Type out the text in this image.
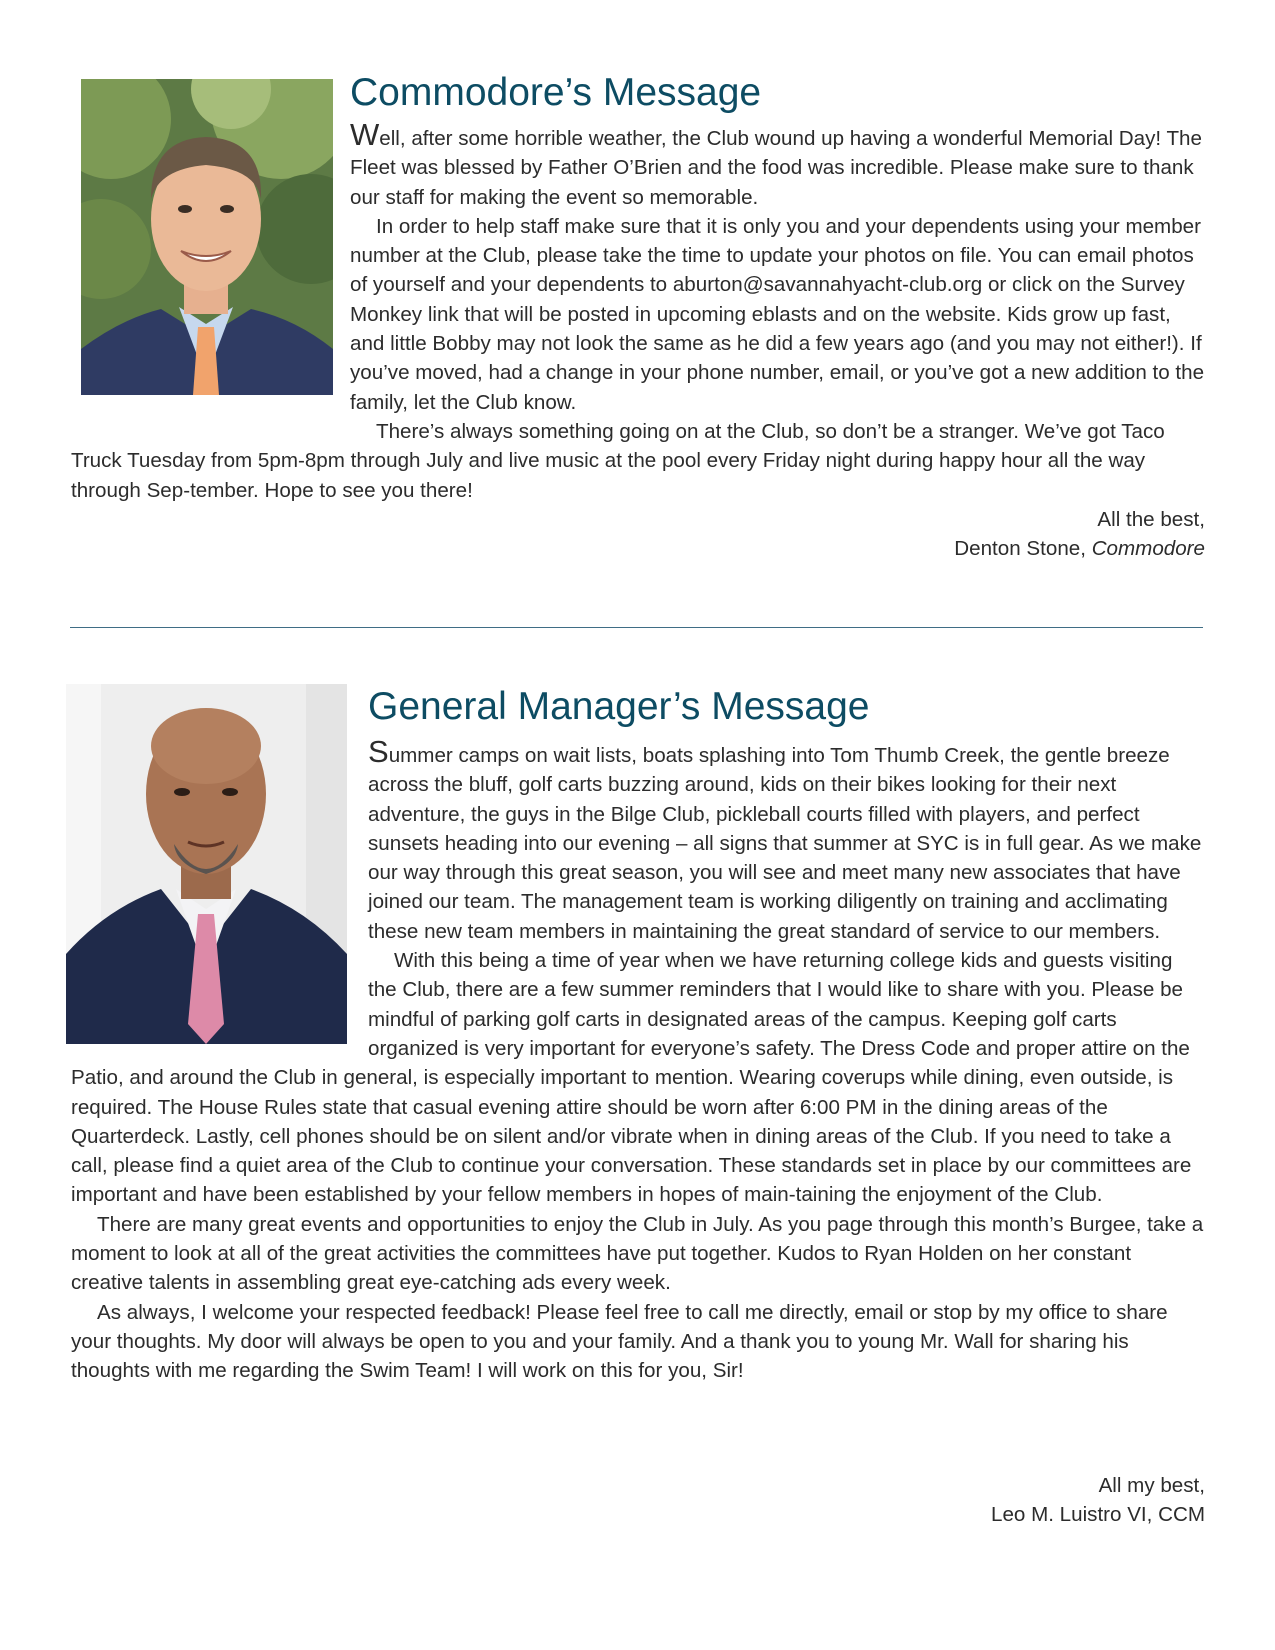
Commodore’s Message

Well, after some horrible weather, the Club wound up having a wonderful Memorial Day! The Fleet was blessed by Father O’Brien and the food was incredible. Please make sure to thank our staff for making the event so memorable.

In order to help staff make sure that it is only you and your dependents using your member number at the Club, please take the time to update your photos on file. You can email photos of yourself and your dependents to aburton@savannahyacht-club.org or click on the Survey Monkey link that will be posted in upcoming eblasts and on the website. Kids grow up fast, and little Bobby may not look the same as he did a few years ago (and you may not either!). If you’ve moved, had a change in your phone number, email, or you’ve got a new addition to the family, let the Club know.

There’s always something going on at the Club, so don’t be a stranger. We’ve got Taco Truck Tuesday from 5pm-8pm through July and live music at the pool every Friday night during happy hour all the way through Sep-tember. Hope to see you there!

All the best,
Denton Stone, Commodore
General Manager’s Message

Summer camps on wait lists, boats splashing into Tom Thumb Creek, the gentle breeze across the bluff, golf carts buzzing around, kids on their bikes looking for their next adventure, the guys in the Bilge Club, pickleball courts filled with players, and perfect sunsets heading into our evening – all signs that summer at SYC is in full gear. As we make our way through this great season, you will see and meet many new associates that have joined our team. The management team is working diligently on training and acclimating these new team members in maintaining the great standard of service to our members.

With this being a time of year when we have returning college kids and guests visiting the Club, there are a few summer reminders that I would like to share with you. Please be mindful of parking golf carts in designated areas of the campus. Keeping golf carts organized is very important for everyone’s safety. The Dress Code and proper attire on the Patio, and around the Club in general, is especially important to mention. Wearing coverups while dining, even outside, is required. The House Rules state that casual evening attire should be worn after 6:00 PM in the dining areas of the Quarterdeck. Lastly, cell phones should be on silent and/or vibrate when in dining areas of the Club. If you need to take a call, please find a quiet area of the Club to continue your conversation. These standards set in place by our committees are important and have been established by your fellow members in hopes of main-taining the enjoyment of the Club.

There are many great events and opportunities to enjoy the Club in July. As you page through this month’s Burgee, take a moment to look at all of the great activities the committees have put together. Kudos to Ryan Holden on her constant creative talents in assembling great eye-catching ads every week.

As always, I welcome your respected feedback! Please feel free to call me directly, email or stop by my office to share your thoughts. My door will always be open to you and your family. And a thank you to young Mr. Wall for sharing his thoughts with me regarding the Swim Team! I will work on this for you, Sir!

All my best,
Leo M. Luistro VI, CCM
